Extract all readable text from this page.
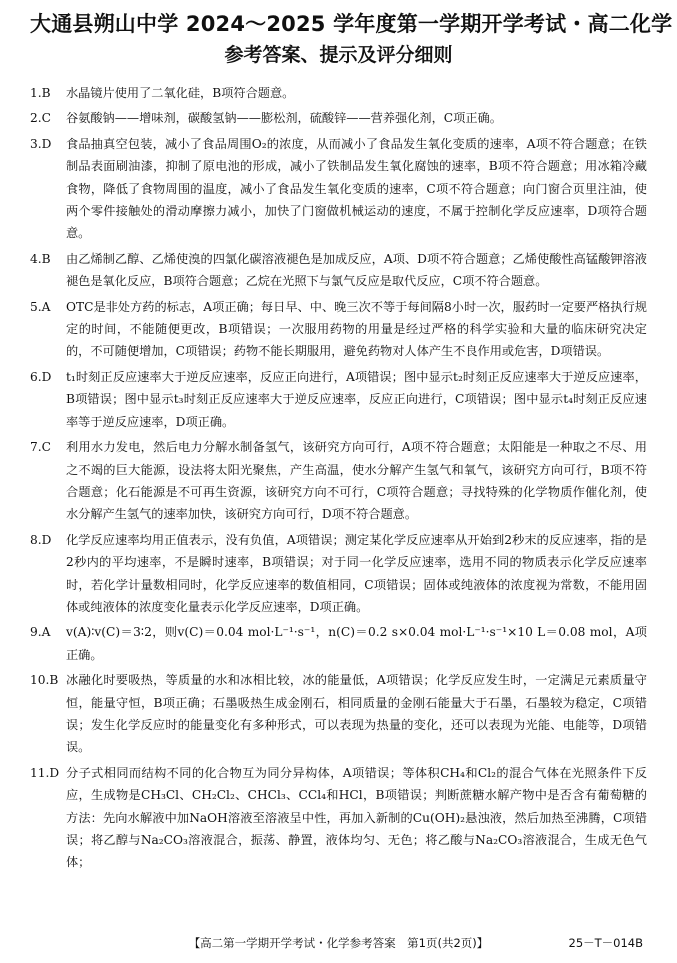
大通县朔山中学 2024～2025 学年度第一学期开学考试・高二化学
参考答案、提示及评分细则
1.B	水晶镜片使用了二氧化硅，B项符合题意。
2.C	谷氨酸钠——增味剂，碳酸氢钠——膨松剂，硫酸锌——营养强化剂，C项正确。
3.D	食品抽真空包装，减小了食品周围O₂的浓度，从而减小了食品发生氧化变质的速率，A项不符合题意；在铁制品表面刷油漆，抑制了原电池的形成，减小了铁制品发生氧化腐蚀的速率，B项不符合题意；用冰箱冷藏食物，降低了食物周围的温度，减小了食品发生氧化变质的速率，C项不符合题意；向门窗合页里注油，使两个零件接触处的滑动摩擦力减小，加快了门窗做机械运动的速度，不属于控制化学反应速率，D项符合题意。
4.B	由乙烯制乙醇、乙烯使溴的四氯化碳溶液褪色是加成反应，A项、D项不符合题意；乙烯使酸性高锰酸钾溶液褪色是氧化反应，B项符合题意；乙烷在光照下与氯气反应是取代反应，C项不符合题意。
5.A	OTC是非处方药的标志，A项正确；每日早、中、晚三次不等于每间隔8小时一次，服药时一定要严格执行规定的时间，不能随便更改，B项错误；一次服用药物的用量是经过严格的科学实验和大量的临床研究决定的，不可随便增加，C项错误；药物不能长期服用，避免药物对人体产生不良作用或危害，D项错误。
6.D	t₁时刻正反应速率大于逆反应速率，反应正向进行，A项错误；图中显示t₂时刻正反应速率大于逆反应速率，B项错误；图中显示t₃时刻正反应速率大于逆反应速率，反应正向进行，C项错误；图中显示t₄时刻正反应速率等于逆反应速率，D项正确。
7.C	利用水力发电，然后电力分解水制备氢气，该研究方向可行，A项不符合题意；太阳能是一种取之不尽、用之不竭的巨大能源，设法将太阳光聚焦，产生高温，使水分解产生氢气和氧气，该研究方向可行，B项不符合题意；化石能源是不可再生资源，该研究方向不可行，C项符合题意；寻找特殊的化学物质作催化剂，使水分解产生氢气的速率加快，该研究方向可行，D项不符合题意。
8.D	化学反应速率均用正值表示，没有负值，A项错误；测定某化学反应速率从开始到2秒末的反应速率，指的是2秒内的平均速率，不是瞬时速率，B项错误；对于同一化学反应速率，选用不同的物质表示化学反应速率时，若化学计量数相同时，化学反应速率的数值相同，C项错误；固体或纯液体的浓度视为常数，不能用固体或纯液体的浓度变化量表示化学反应速率，D项正确。
9.A	v(A)∶v(C)＝3∶2，则v(C)＝0.04 mol·L⁻¹·s⁻¹，n(C)＝0.2 s×0.04 mol·L⁻¹·s⁻¹×10 L＝0.08 mol，A项正确。
10.B 冰融化时要吸热，等质量的水和冰相比较，冰的能量低，A项错误；化学反应发生时，一定满足元素质量守恒，能量守恒，B项正确；石墨吸热生成金刚石，相同质量的金刚石能量大于石墨，石墨较为稳定，C项错误；发生化学反应时的能量变化有多种形式，可以表现为热量的变化，还可以表现为光能、电能等，D项错误。
11.D 分子式相同而结构不同的化合物互为同分异构体，A项错误；等体积CH₄和Cl₂的混合气体在光照条件下反应，生成物是CH₃Cl、CH₂Cl₂、CHCl₃、CCl₄和HCl，B项错误；判断蔗糖水解产物中是否含有葡萄糖的方法：先向水解液中加NaOH溶液至溶液呈中性，再加入新制的Cu(OH)₂悬浊液，然后加热至沸腾，C项错误；将乙醇与Na₂CO₃溶液混合，振荡、静置，液体均匀、无色；将乙酸与Na₂CO₃溶液混合，生成无色气体；
【高二第一学期开学考试・化学参考答案　第1页(共2页)】	25－T－014B
